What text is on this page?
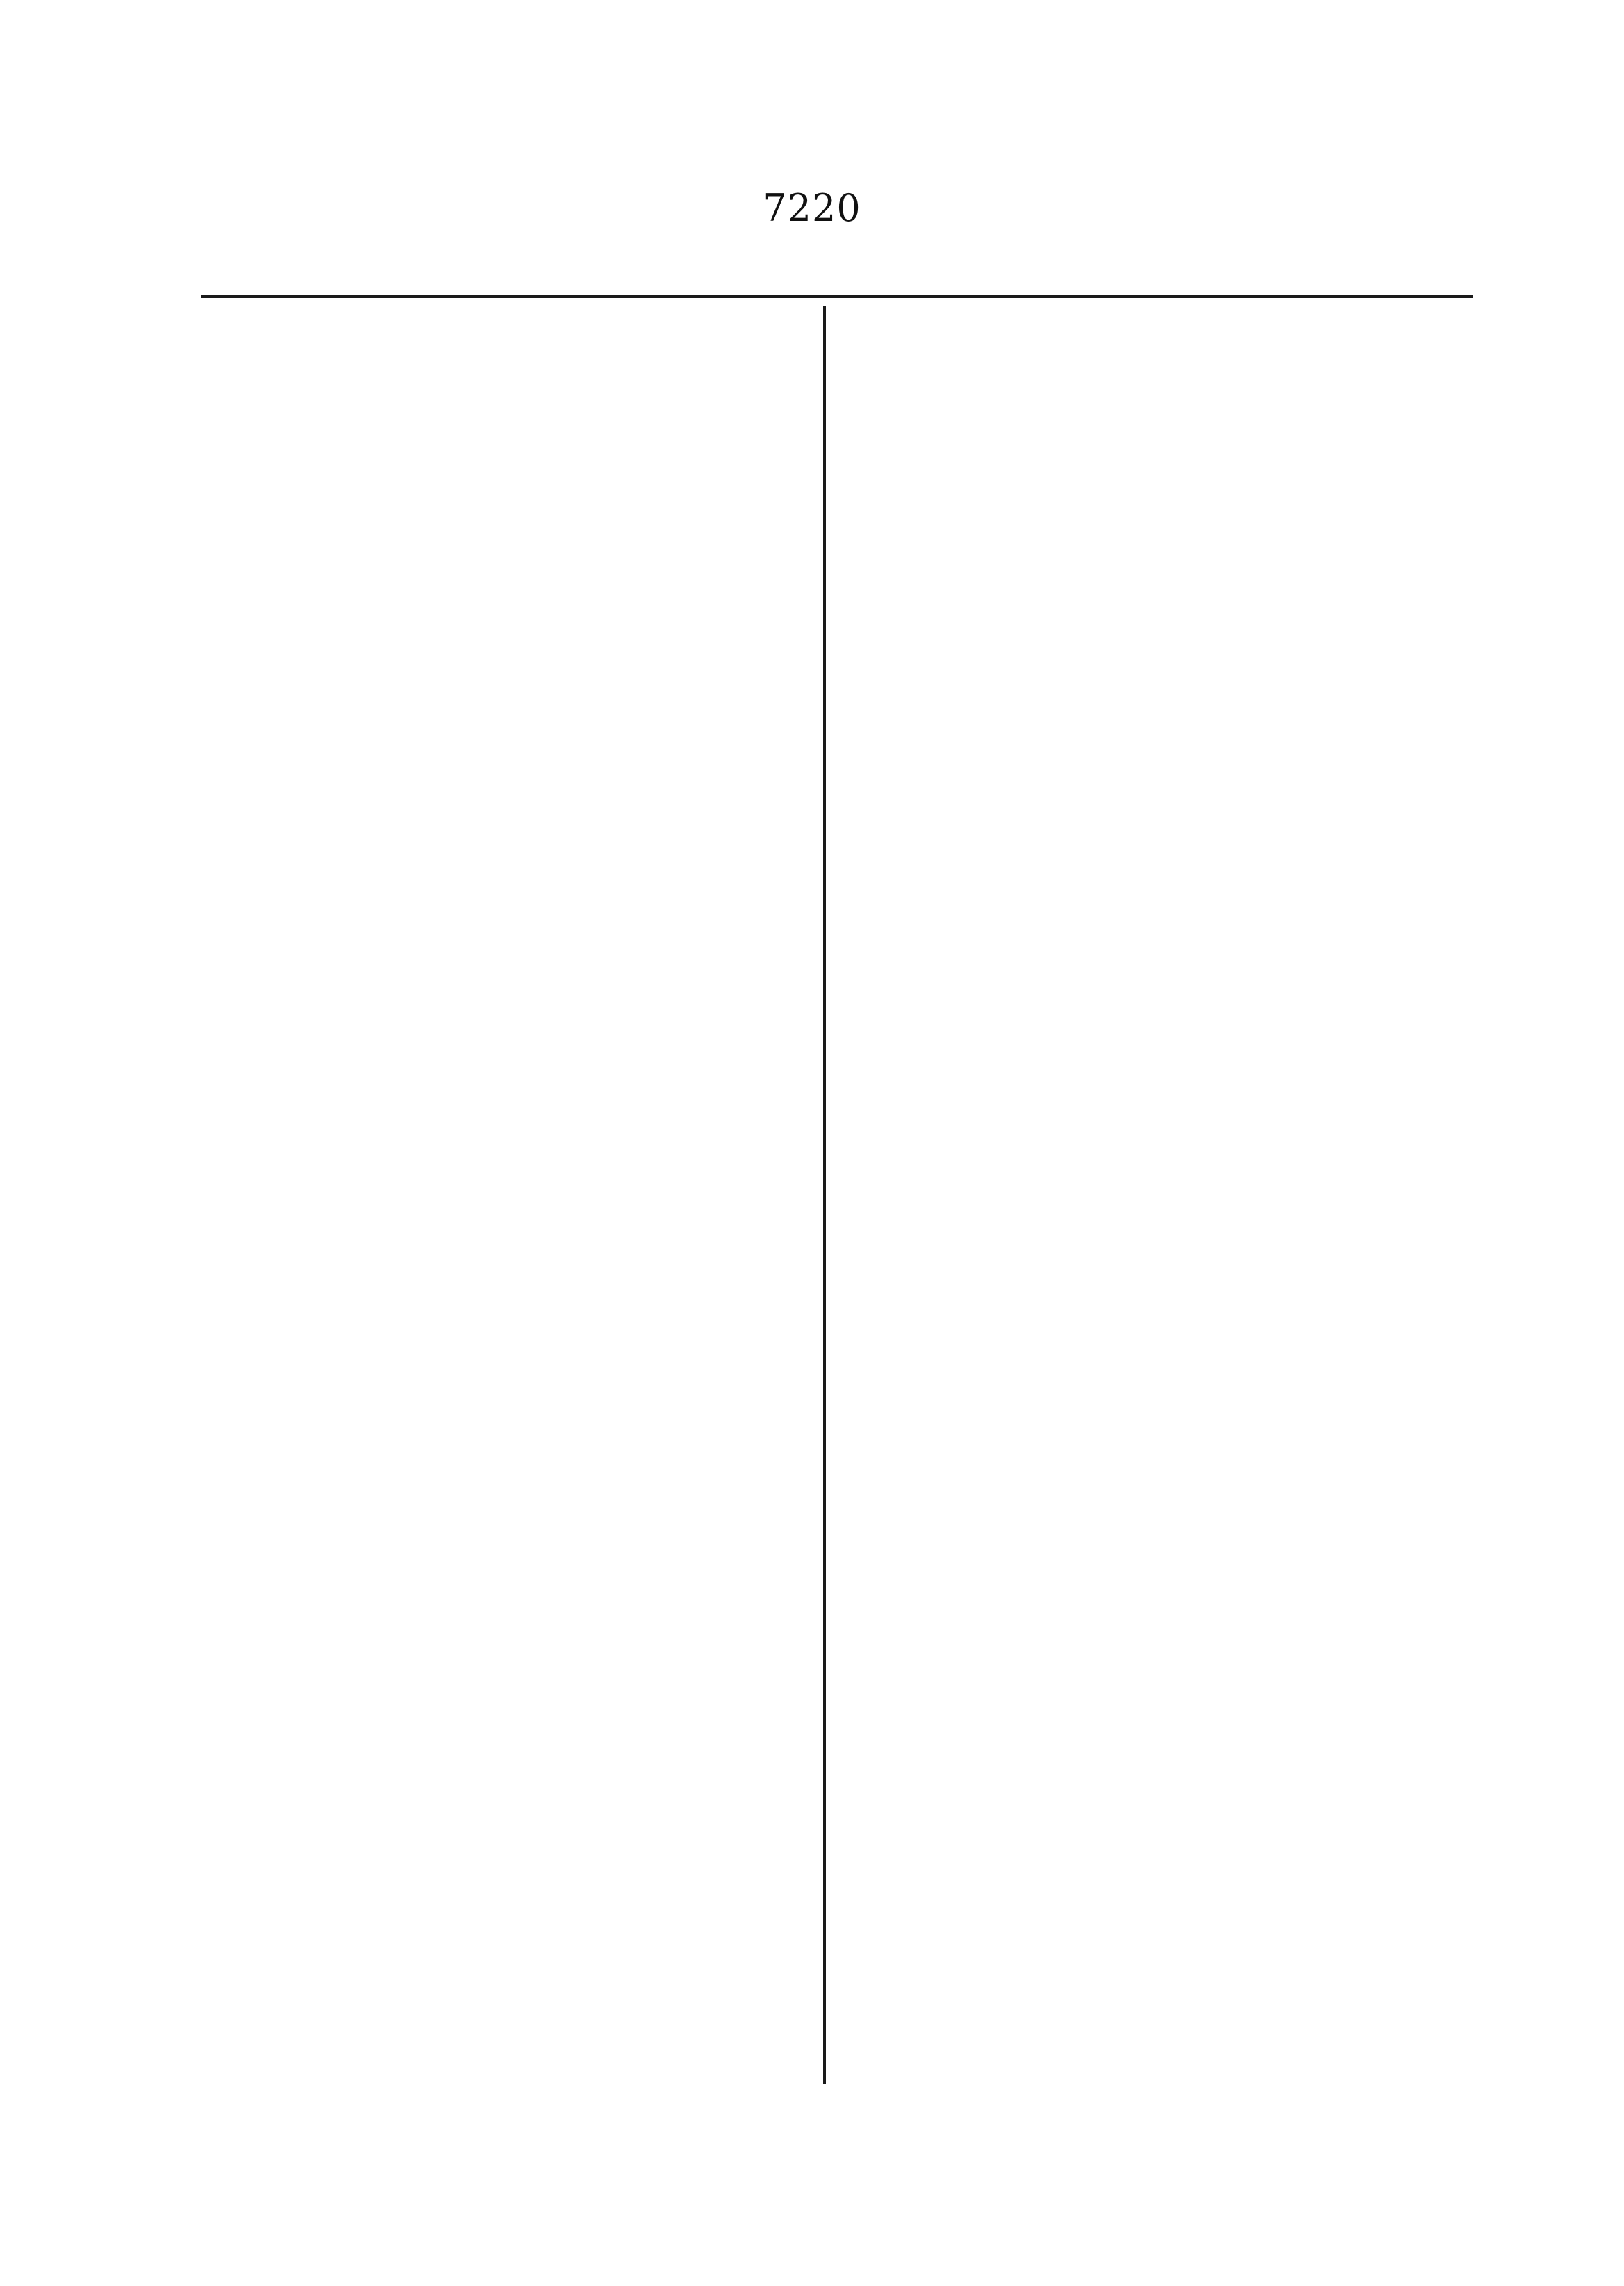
7220
